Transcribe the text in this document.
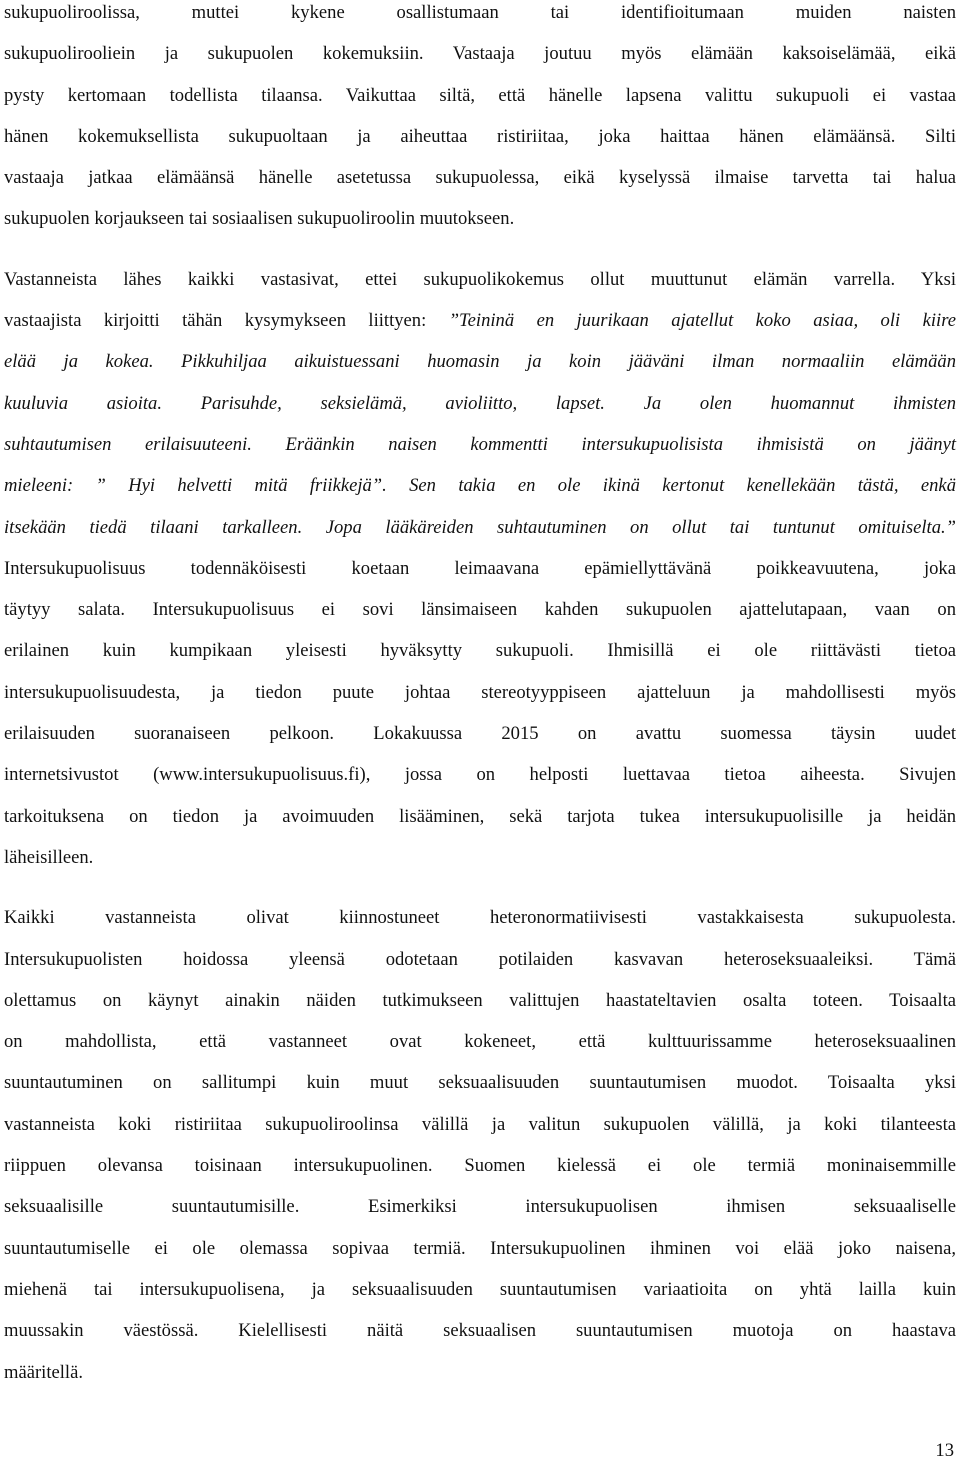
sukupuoliroolissa, muttei kykene osallistumaan tai identifioitumaan muiden naisten
sukupuolirooliein ja sukupuolen kokemuksiin. Vastaaja joutuu myös elämään kaksoiselämää, eikä
pysty kertomaan todellista tilaansa. Vaikuttaa siltä, että hänelle lapsena valittu sukupuoli ei vastaa
hänen kokemuksellista sukupuoltaan ja aiheuttaa ristiriitaa, joka haittaa hänen elämäänsä. Silti
vastaaja jatkaa elämäänsä hänelle asetetussa sukupuolessa, eikä kyselyssä ilmaise tarvetta tai halua
sukupuolen korjaukseen tai sosiaalisen sukupuoliroolin muutokseen.

Vastanneista lähes kaikki vastasivat, ettei sukupuolikokemus ollut muuttunut elämän varrella. Yksi
vastaajista kirjoitti tähän kysymykseen liittyen: ”Teininä en juurikaan ajatellut koko asiaa, oli kiire
elää ja kokea. Pikkuhiljaa aikuistuessani huomasin ja koin jääväni ilman normaaliin elämään
kuuluvia asioita. Parisuhde, seksielämä, avioliitto, lapset. Ja olen huomannut ihmisten
suhtautumisen erilaisuuteeni. Eräänkin naisen kommentti intersukupuolisista ihmisistä on jäänyt
mieleeni: ” Hyi helvetti mitä friikkejä”. Sen takia en ole ikinä kertonut kenellekään tästä, enkä
itsekään tiedä tilaani tarkalleen. Jopa lääkäreiden suhtautuminen on ollut tai tuntunut omituiselta.”
Intersukupuolisuus todennäköisesti koetaan leimaavana epämiellyttävänä poikkeavuutena, joka
täytyy salata. Intersukupuolisuus ei sovi länsimaiseen kahden sukupuolen ajattelutapaan, vaan on
erilainen kuin kumpikaan yleisesti hyväksytty sukupuoli. Ihmisillä ei ole riittävästi tietoa
intersukupuolisuudesta, ja tiedon puute johtaa stereotyyppiseen ajatteluun ja mahdollisesti myös
erilaisuuden suoranaiseen pelkoon. Lokakuussa 2015 on avattu suomessa täysin uudet
internetsivustot (www.intersukupuolisuus.fi), jossa on helposti luettavaa tietoa aiheesta. Sivujen
tarkoituksena on tiedon ja avoimuuden lisääminen, sekä tarjota tukea intersukupuolisille ja heidän
läheisilleen.

Kaikki vastanneista olivat kiinnostuneet heteronormatiivisesti vastakkaisesta sukupuolesta.
Intersukupuolisten hoidossa yleensä odotetaan potilaiden kasvavan heteroseksuaaleiksi. Tämä
olettamus on käynyt ainakin näiden tutkimukseen valittujen haastateltavien osalta toteen. Toisaalta
on mahdollista, että vastanneet ovat kokeneet, että kulttuurissamme heteroseksuaalinen
suuntautuminen on sallitumpi kuin muut seksuaalisuuden suuntautumisen muodot. Toisaalta yksi
vastanneista koki ristiriitaa sukupuoliroolinsa välillä ja valitun sukupuolen välillä, ja koki tilanteesta
riippuen olevansa toisinaan intersukupuolinen. Suomen kielessä ei ole termiä moninaisemmille
seksuaalisille suuntautumisille. Esimerkiksi intersukupuolisen ihmisen seksuaaliselle
suuntautumiselle ei ole olemassa sopivaa termiä. Intersukupuolinen ihminen voi elää joko naisena,
miehenä tai intersukupuolisena, ja seksuaalisuuden suuntautumisen variaatioita on yhtä lailla kuin
muussakin väestössä. Kielellisesti näitä seksuaalisen suuntautumisen muotoja on haastava
määritellä.

13
